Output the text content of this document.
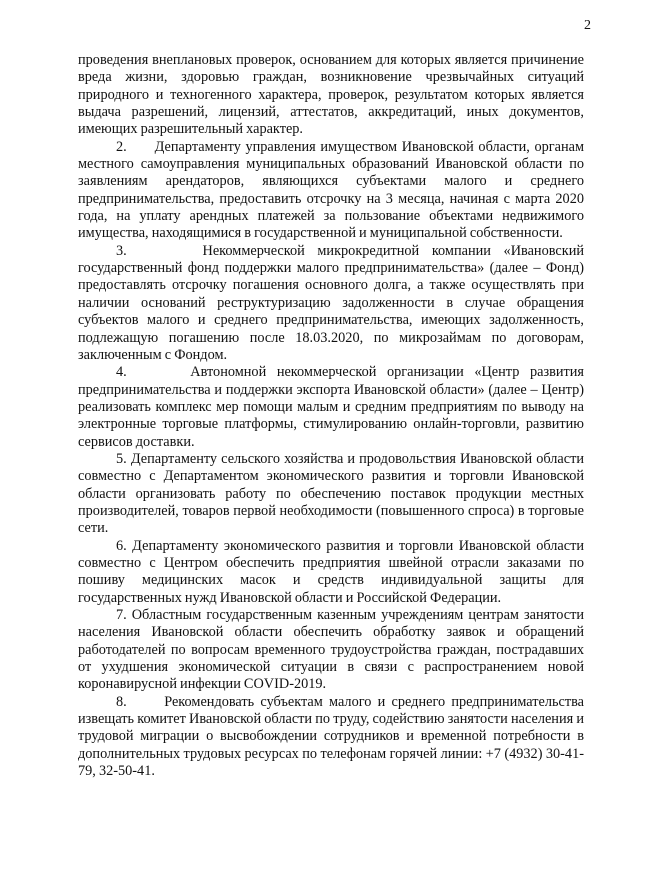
2

проведения внеплановых проверок, основанием для которых является причинение вреда жизни, здоровью граждан, возникновение чрезвычайных ситуаций природного и техногенного характера, проверок, результатом которых является выдача разрешений, лицензий, аттестатов, аккредитаций, иных документов, имеющих разрешительный характер.

2.      Департаменту управления имуществом Ивановской области, органам местного самоуправления муниципальных образований Ивановской области по заявлениям арендаторов, являющихся субъектами малого и среднего предпринимательства, предоставить отсрочку на 3 месяца, начиная с марта 2020 года, на уплату арендных платежей за пользование объектами недвижимого имущества, находящимися в государственной и муниципальной собственности.

3.      Некоммерческой микрокредитной компании «Ивановский государственный фонд поддержки малого предпринимательства» (далее – Фонд) предоставлять отсрочку погашения основного долга, а также осуществлять при наличии оснований реструктуризацию задолженности в случае обращения субъектов малого и среднего предпринимательства, имеющих задолженность, подлежащую погашению после 18.03.2020, по микрозаймам по договорам, заключенным с Фондом.

4.      Автономной некоммерческой организации «Центр развития предпринимательства и поддержки экспорта Ивановской области» (далее – Центр) реализовать комплекс мер помощи малым и средним предприятиям по выводу на электронные торговые платформы, стимулированию онлайн-торговли, развитию сервисов доставки.

5. Департаменту сельского хозяйства и продовольствия Ивановской области совместно с Департаментом экономического развития и торговли Ивановской области организовать работу по обеспечению поставок продукции местных производителей, товаров первой необходимости (повышенного спроса) в торговые сети.

6. Департаменту экономического развития и торговли Ивановской области совместно с Центром обеспечить предприятия швейной отрасли заказами по пошиву медицинских масок и средств индивидуальной защиты для государственных нужд Ивановской области и Российской Федерации.

7. Областным государственным казенным учреждениям центрам занятости населения Ивановской области обеспечить обработку заявок и обращений работодателей по вопросам временного трудоустройства граждан, пострадавших от ухудшения экономической ситуации в связи с распространением новой коронавирусной инфекции COVID-2019.

8.      Рекомендовать субъектам малого и среднего предпринимательства извещать комитет Ивановской области по труду, содействию занятости населения и трудовой миграции о высвобождении сотрудников и временной потребности в дополнительных трудовых ресурсах по телефонам горячей линии: +7 (4932) 30-41-79, 32-50-41.
